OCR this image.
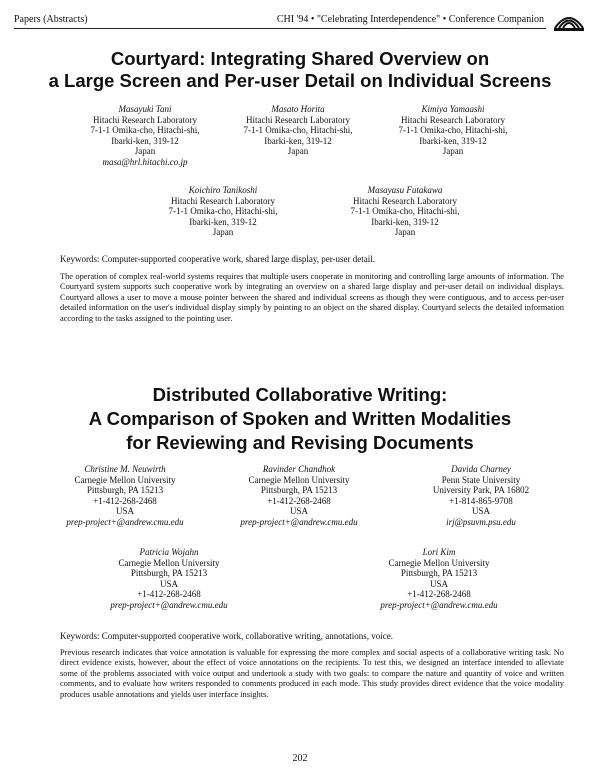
Papers (Abstracts)	CHI '94 • "Celebrating Interdependence" • Conference Companion
Courtyard: Integrating Shared Overview on
a Large Screen and Per-user Detail on Individual Screens
Masayuki Tani
Hitachi Research Laboratory
7-1-1 Omika-cho, Hitachi-shi,
Ibarki-ken, 319-12
Japan
masa@hrl.hitachi.co.jp
Masato Horita
Hitachi Research Laboratory
7-1-1 Omika-cho, Hitachi-shi,
Ibarki-ken, 319-12
Japan
Kimiya Yamaashi
Hitachi Research Laboratory
7-1-1 Omika-cho, Hitachi-shi,
Ibarki-ken, 319-12
Japan
Koichiro Tanikoshi
Hitachi Research Laboratory
7-1-1 Omika-cho, Hitachi-shi,
Ibarki-ken, 319-12
Japan
Masayasu Futakawa
Hitachi Research Laboratory
7-1-1 Omika-cho, Hitachi-shi,
Ibarki-ken, 319-12
Japan
Keywords: Computer-supported cooperative work, shared large display, per-user detail.
The operation of complex real-world systems requires that multiple users cooperate in monitoring and controlling large amounts of information. The Courtyard system supports such cooperative work by integrating an overview on a shared large display and per-user detail on individual displays. Courtyard allows a user to move a mouse pointer between the shared and individual screens as though they were contiguous, and to access per-user detailed information on the user's individual display simply by pointing to an object on the shared display. Courtyard selects the detailed information according to the tasks assigned to the pointing user.
Distributed Collaborative Writing:
A Comparison of Spoken and Written Modalities
for Reviewing and Revising Documents
Christine M. Neuwirth
Carnegie Mellon University
Pittsburgh, PA 15213
+1-412-268-2468
USA
prep-project+@andrew.cmu.edu
Ravinder Chandhok
Carnegie Mellon University
Pittsburgh, PA 15213
+1-412-268-2468
USA
prep-project+@andrew.cmu.edu
Davida Charney
Penn State University
University Park, PA 16802
+1-814-865-9708
USA
irj@psuvm.psu.edu
Patricia Wojahn
Carnegie Mellon University
Pittsburgh, PA 15213
USA
+1-412-268-2468
prep-project+@andrew.cmu.edu
Lori Kim
Carnegie Mellon University
Pittsburgh, PA 15213
USA
+1-412-268-2468
prep-project+@andrew.cmu.edu
Keywords: Computer-supported cooperative work, collaborative writing, annotations, voice.
Previous research indicates that voice annotation is valuable for expressing the more complex and social aspects of a collaborative writing task. No direct evidence exists, however, about the effect of voice annotations on the recipients. To test this, we designed an interface intended to alleviate some of the problems associated with voice output and undertook a study with two goals: to compare the nature and quantity of voice and written comments, and to evaluate how writers responded to comments produced in each mode. This study provides direct evidence that the voice modality produces usable annotations and yields user interface insights.
202
